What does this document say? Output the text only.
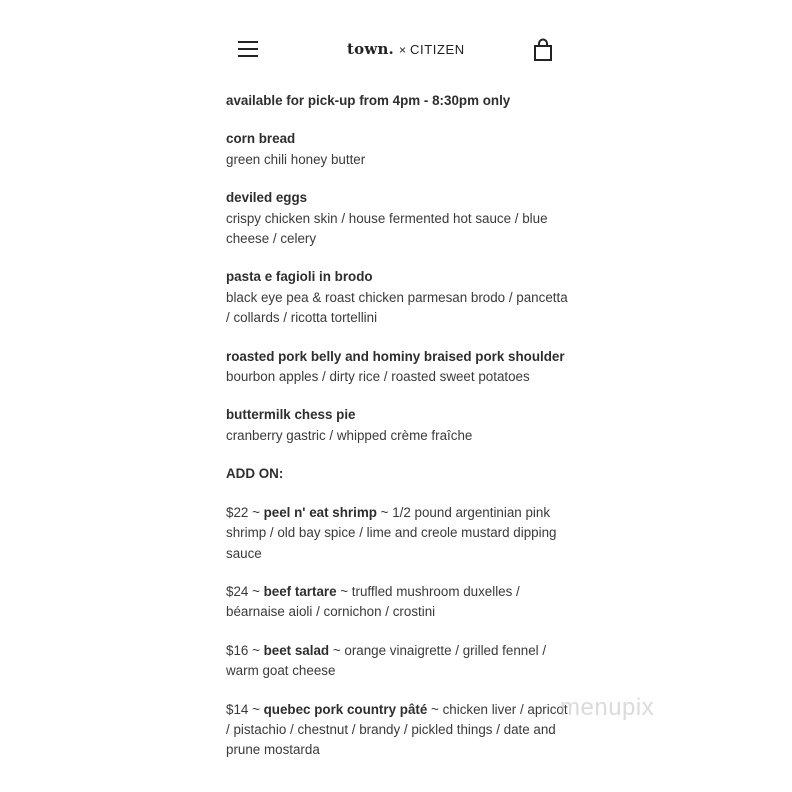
town. × CITIZEN

available for pick-up from 4pm - 8:30pm only

corn bread
green chili honey butter

deviled eggs
crispy chicken skin / house fermented hot sauce / blue cheese / celery

pasta e fagioli in brodo
black eye pea & roast chicken parmesan brodo / pancetta / collards / ricotta tortellini

roasted pork belly and hominy braised pork shoulder
bourbon apples / dirty rice / roasted sweet potatoes

buttermilk chess pie
cranberry gastric / whipped crème fraîche

ADD ON:

$22 ~ peel n' eat shrimp ~ 1/2 pound argentinian pink shrimp / old bay spice / lime and creole mustard dipping sauce

$24 ~ beef tartare ~ truffled mushroom duxelles / béarnaise aioli / cornichon / crostini

$16 ~ beet salad ~ orange vinaigrette / grilled fennel / warm goat cheese

$14 ~ quebec pork country pâté ~ chicken liver / apricot / pistachio / chestnut / brandy / pickled things / date and prune mostarda

menupix
